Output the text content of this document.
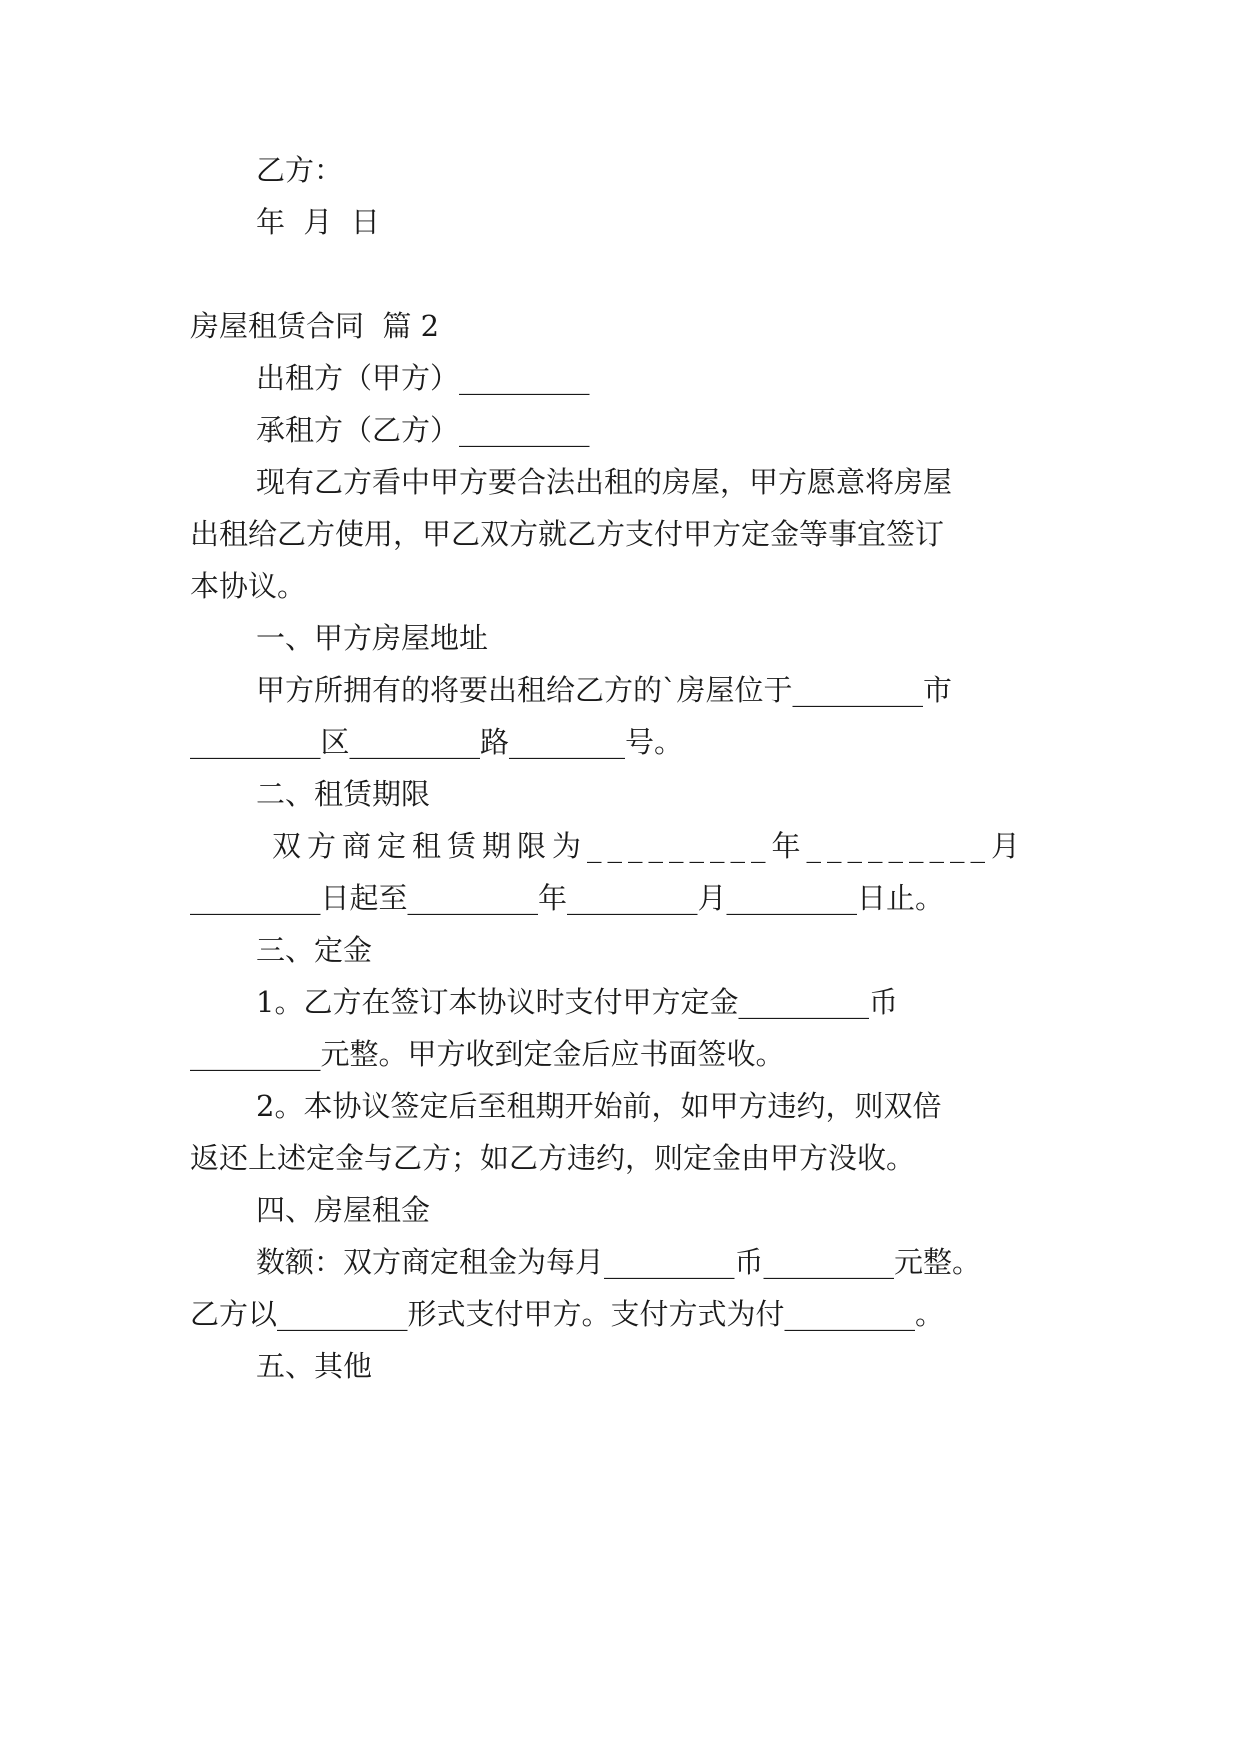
乙方：
年  月  日
房屋租赁合同  篇 2
出租方（甲方）_________
承租方（乙方）_________
现有乙方看中甲方要合法出租的房屋，甲方愿意将房屋
出租给乙方使用，甲乙双方就乙方支付甲方定金等事宜签订
本协议。
一、甲方房屋地址
甲方所拥有的将要出租给乙方的`房屋位于_________市
_________区_________路________号。
二、租赁期限
双方商定租赁期限为_________年_________月
_________日起至_________年_________月_________日止。
三、定金
1。乙方在签订本协议时支付甲方定金_________币
_________元整。甲方收到定金后应书面签收。
2。本协议签定后至租期开始前，如甲方违约，则双倍
返还上述定金与乙方；如乙方违约，则定金由甲方没收。
四、房屋租金
数额：双方商定租金为每月_________币_________元整。
乙方以_________形式支付甲方。支付方式为付_________。
五、其他
